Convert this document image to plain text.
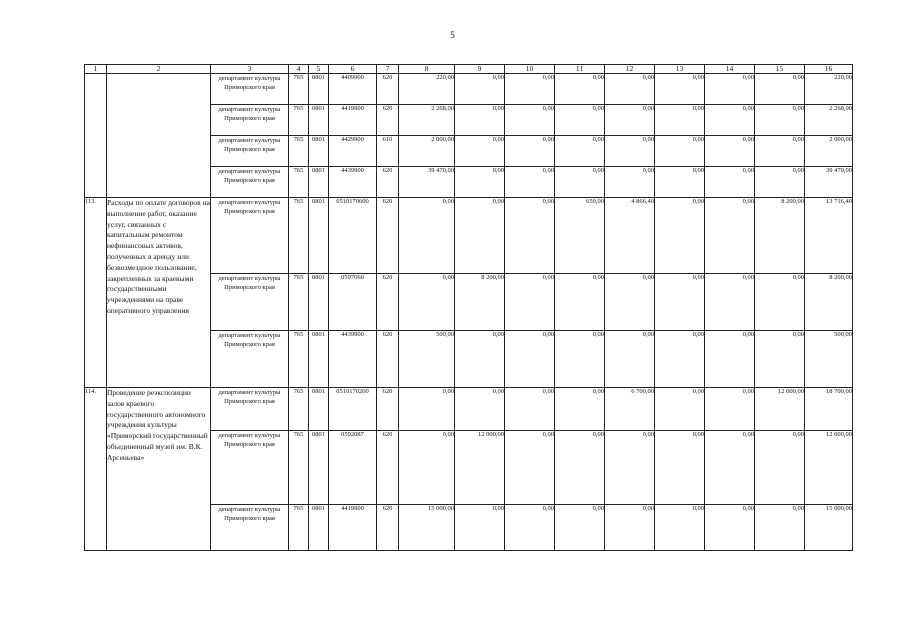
5
1	2	3	4	5	6	7	8	9	10	11	12	13	14	15	16
		департамент культуры Приморского края	765	0801	4409900	620	220,00	0,00	0,00	0,00	0,00	0,00	0,00	0,00	220,00
		департамент культуры Приморского края	765	0801	4419900	620	2 268,00	0,00	0,00	0,00	0,00	0,00	0,00	0,00	2 268,00
		департамент культуры Приморского края	765	0801	4429900	610	2 000,00	0,00	0,00	0,00	0,00	0,00	0,00	0,00	2 000,00
		департамент культуры Приморского края	765	0801	4439900	620	39 470,00	0,00	0,00	0,00	0,00	0,00	0,00	0,00	39 470,00
113.	Расходы по оплате договоров на выполнение работ, оказание услуг, связанных с капитальным ремонтом нефинансовых активов, полученных в аренду или безвозмездное пользование, закрепленных за краевыми государственными учреждениями на праве оперативного управления	департамент культуры Приморского края	765	0801	0510170600	620	0,00	0,00	0,00	650,00	4 866,40	0,00	0,00	8 200,00	13 716,40
		департамент культуры Приморского края	765	0801	0597060	620	0,00	8 200,00	0,00	0,00	0,00	0,00	0,00	0,00	8 200,00
		департамент культуры Приморского края	765	0801	4439900	620	500,00	0,00	0,00	0,00	0,00	0,00	0,00	0,00	500,00
114.	Проведение реэкспозиции залов краевого государственного автономного учреждения культуры «Приморский государственный объединенный музей им. В.К. Арсеньева»	департамент культуры Приморского края	765	0801	0510170200	620	0,00	0,00	0,00	0,00	6 700,00	0,00	0,00	12 000,00	18 700,00
		департамент культуры Приморского края	765	0801	0592087	620	0,00	12 000,00	0,00	0,00	0,00	0,00	0,00	0,00	12 000,00
		департамент культуры Приморского края	765	0801	4419900	620	15 000,00	0,00	0,00	0,00	0,00	0,00	0,00	0,00	15 000,00
